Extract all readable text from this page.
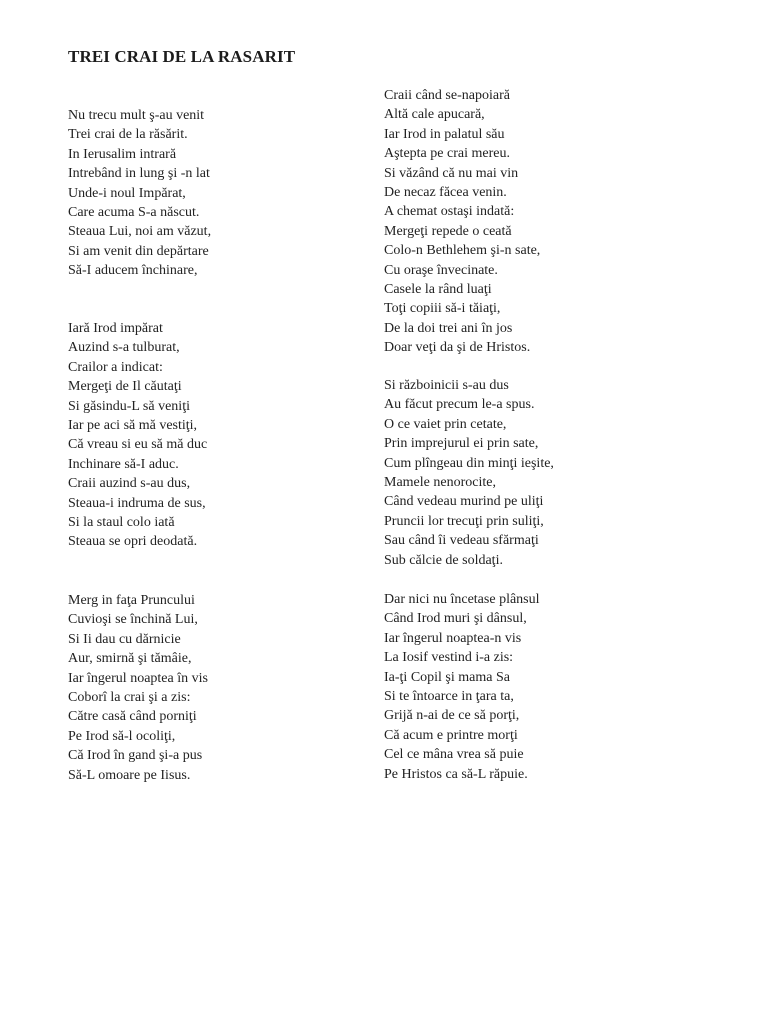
TREI CRAI DE LA RASARIT
Nu trecu mult ş-au venit
Trei crai de la răsărit.
In Ierusalim intrară
Intrebând in lung şi -n lat
Unde-i noul Impărat,
Care acuma S-a născut.
Steaua Lui, noi am văzut,
Si am venit din depărtare
Să-I aducem închinare,
Iară Irod impărat
Auzind s-a tulburat,
Crailor a indicat:
Mergeţi de Il căutaţi
Si găsindu-L să veniţi
Iar pe aci să mă vestiţi,
Că vreau si eu să mă duc
Inchinare să-I aduc.
Craii auzind s-au dus,
Steaua-i indruma de sus,
Si la staul colo iată
Steaua se opri deodată.
Merg in faţa Pruncului
Cuvioşi se închină Lui,
Si Ii dau cu dărnicie
Aur, smirnă şi tămâie,
Iar îngerul noaptea în vis
Coborî la crai şi a zis:
Către casă când porniţi
Pe Irod să-l ocoliţi,
Că Irod în gand şi-a pus
Să-L omoare pe Iisus.
Craii când se-napoiară
Altă cale apucară,
Iar Irod in palatul său
Aştepta pe crai mereu.
Si văzând că nu mai vin
De necaz făcea venin.
A chemat ostaşi indată:
Mergeţi repede o ceată
Colo-n Bethlehem şi-n sate,
Cu oraşe învecinate.
Casele la rând luaţi
Toţi copiii să-i tăiaţi,
De la doi trei ani în jos
Doar veţi da şi de Hristos.
Si războinicii s-au dus
Au făcut precum le-a spus.
O ce vaiet prin cetate,
Prin imprejurul ei prin sate,
Cum plîngeau din minţi ieşite,
Mamele nenorocite,
Când vedeau murind pe uliţi
Pruncii lor trecuţi prin suliţi,
Sau când îi vedeau sfărmaţi
Sub călcie de soldaţi.
Dar nici nu încetase plânsul
Când Irod muri şi dânsul,
Iar îngerul noaptea-n vis
La Iosif vestind i-a zis:
Ia-ţi Copil şi mama Sa
Si te întoarce in ţara ta,
Grijă n-ai de ce să porţi,
Că acum e printre morţi
Cel ce mâna vrea să puie
Pe Hristos ca să-L răpuie.
